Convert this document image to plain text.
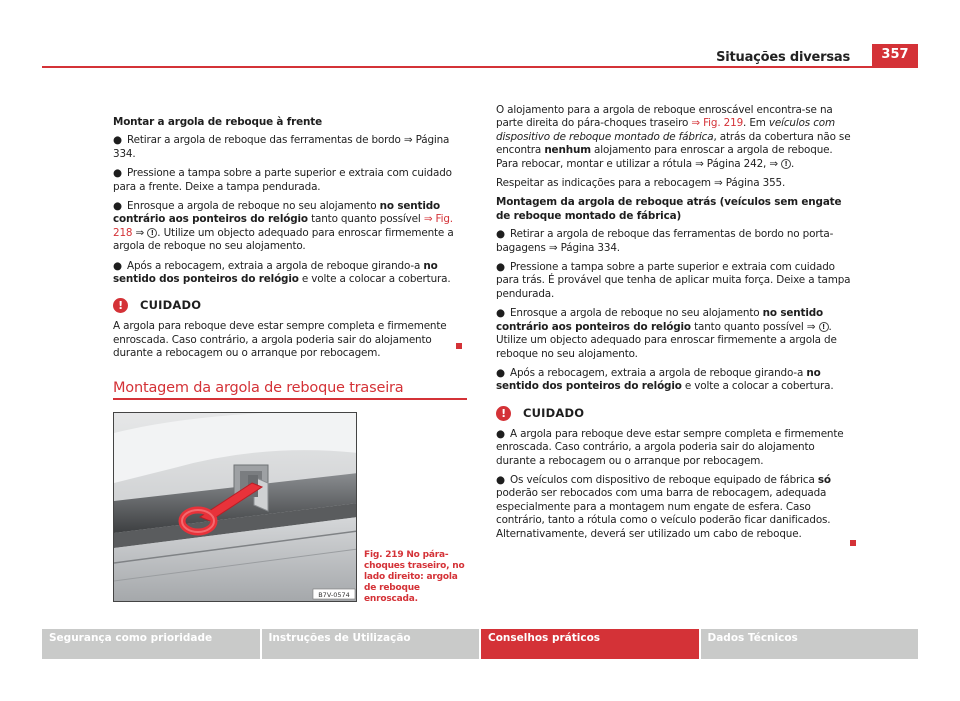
Situações diversas	357

Montar a argola de reboque à frente

● Retirar a argola de reboque das ferramentas de bordo ⇒ Página 334.

● Pressione a tampa sobre a parte superior e extraia com cuidado para a frente. Deixe a tampa pendurada.

● Enrosque a argola de reboque no seu alojamento no sentido contrário aos ponteiros do relógio tanto quanto possível ⇒ Fig. 218 ⇒ ! . Utilize um objecto adequado para enroscar firmemente a argola de reboque no seu alojamento.

● Após a rebocagem, extraia a argola de reboque girando-a no sentido dos ponteiros do relógio e volte a colocar a cobertura.

!	CUIDADO

A argola para reboque deve estar sempre completa e firmemente enroscada. Caso contrário, a argola poderia sair do alojamento durante a rebocagem ou o arranque por rebocagem.

Montagem da argola de reboque traseira
B7V-0574
Fig. 219 No pára-choques traseiro, no lado direito: argola de reboque enroscada.

O alojamento para a argola de reboque enroscável encontra-se na parte direita do pára-choques traseiro ⇒ Fig. 219. Em veículos com dispositivo de reboque montado de fábrica, atrás da cobertura não se encontra nenhum alojamento para enroscar a argola de reboque. Para rebocar, montar e utilizar a rótula ⇒ Página 242, ⇒ ! .

Respeitar as indicações para a rebocagem ⇒ Página 355.

Montagem da argola de reboque atrás (veículos sem engate de reboque montado de fábrica)

● Retirar a argola de reboque das ferramentas de bordo no porta-bagagens ⇒ Página 334.

● Pressione a tampa sobre a parte superior e extraia com cuidado para trás. É provável que tenha de aplicar muita força. Deixe a tampa pendurada.

● Enrosque a argola de reboque no seu alojamento no sentido contrário aos ponteiros do relógio tanto quanto possível ⇒ ! . Utilize um objecto adequado para enroscar firmemente a argola de reboque no seu alojamento.

● Após a rebocagem, extraia a argola de reboque girando-a no sentido dos ponteiros do relógio e volte a colocar a cobertura.

!	CUIDADO

● A argola para reboque deve estar sempre completa e firmemente enroscada. Caso contrário, a argola poderia sair do alojamento durante a rebocagem ou o arranque por rebocagem.

● Os veículos com dispositivo de reboque equipado de fábrica só poderão ser rebocados com uma barra de rebocagem, adequada especialmente para a montagem num engate de esfera. Caso contrário, tanto a rótula como o veículo poderão ficar danificados. Alternativamente, deverá ser utilizado um cabo de reboque.

Segurança como prioridade	Instruções de Utilização	Conselhos práticos	Dados Técnicos
